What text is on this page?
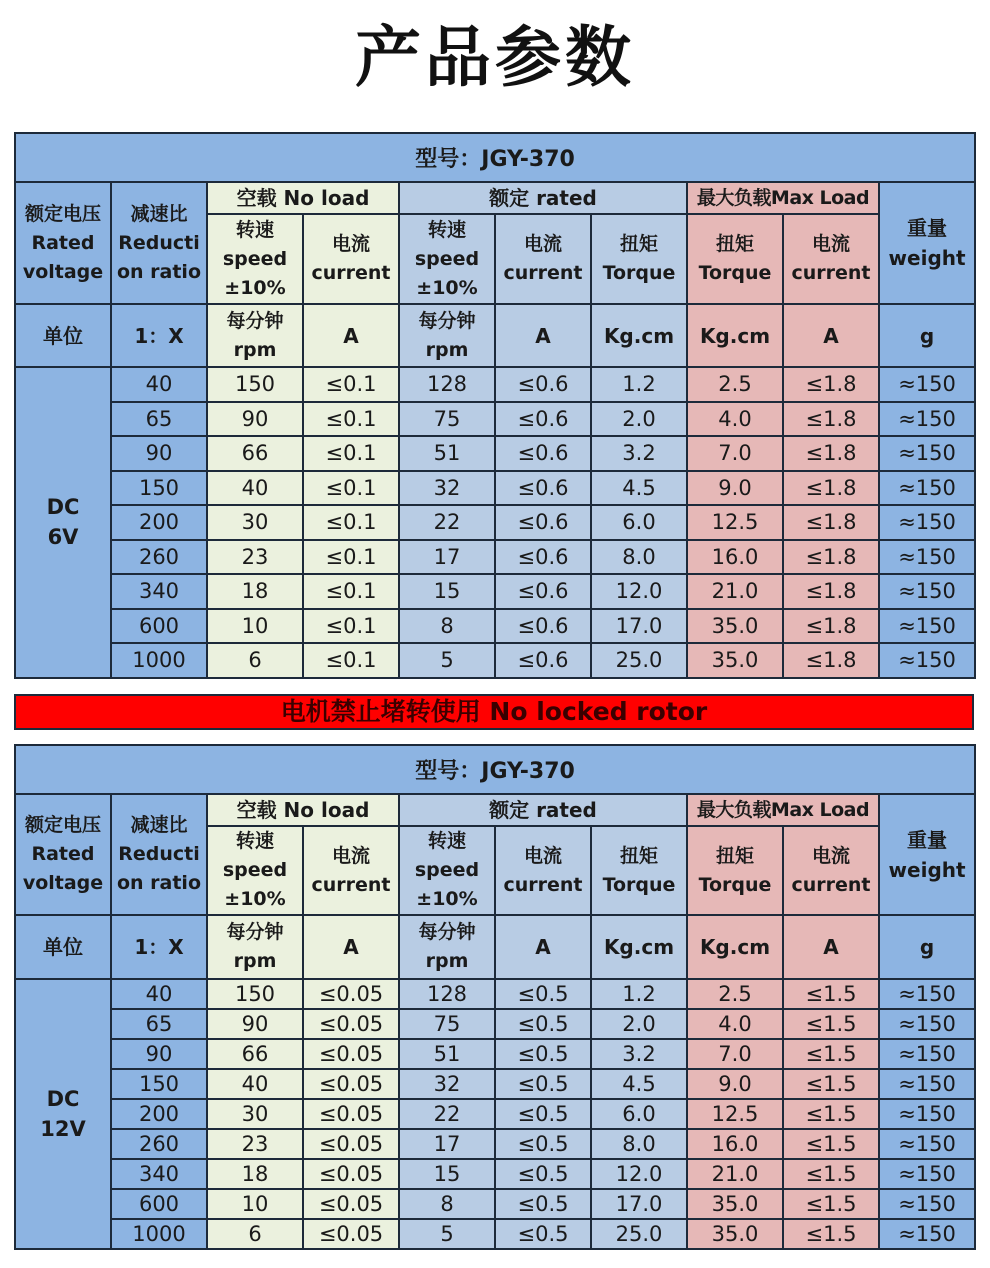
产品参数
型号：JGY-370									

额定电压
Rated
voltage	减速比
Reducti
on ratio	空载 No load		额定 rated			最大负载Max Load		重量
weight

		转速
speed
±10%	电流
current	转速
speed
±10%	电流
current	扭矩
Torque	扭矩
Torque	电流
current	

单位	1：X	每分钟
rpm	A	每分钟
rpm	A	Kg.cm	Kg.cm	A	g

DC
6V	40	150	≤0.1	128	≤0.6	1.2	2.5	≤1.8	≈150
	65	90	≤0.1	75	≤0.6	2.0	4.0	≤1.8	≈150
	90	66	≤0.1	51	≤0.6	3.2	7.0	≤1.8	≈150
	150	40	≤0.1	32	≤0.6	4.5	9.0	≤1.8	≈150
	200	30	≤0.1	22	≤0.6	6.0	12.5	≤1.8	≈150
	260	23	≤0.1	17	≤0.6	8.0	16.0	≤1.8	≈150
	340	18	≤0.1	15	≤0.6	12.0	21.0	≤1.8	≈150
	600	10	≤0.1	8	≤0.6	17.0	35.0	≤1.8	≈150
	1000	6	≤0.1	5	≤0.6	25.0	35.0	≤1.8	≈150
电机禁止堵转使用 No locked rotor
型号：JGY-370									

额定电压
Rated
voltage	减速比
Reducti
on ratio	空载 No load		额定 rated			最大负载Max Load		重量
weight

		转速
speed
±10%	电流
current	转速
speed
±10%	电流
current	扭矩
Torque	扭矩
Torque	电流
current	

单位	1：X	每分钟
rpm	A	每分钟
rpm	A	Kg.cm	Kg.cm	A	g

DC
12V	40	150	≤0.05	128	≤0.5	1.2	2.5	≤1.5	≈150
	65	90	≤0.05	75	≤0.5	2.0	4.0	≤1.5	≈150
	90	66	≤0.05	51	≤0.5	3.2	7.0	≤1.5	≈150
	150	40	≤0.05	32	≤0.5	4.5	9.0	≤1.5	≈150
	200	30	≤0.05	22	≤0.5	6.0	12.5	≤1.5	≈150
	260	23	≤0.05	17	≤0.5	8.0	16.0	≤1.5	≈150
	340	18	≤0.05	15	≤0.5	12.0	21.0	≤1.5	≈150
	600	10	≤0.05	8	≤0.5	17.0	35.0	≤1.5	≈150
	1000	6	≤0.05	5	≤0.5	25.0	35.0	≤1.5	≈150
